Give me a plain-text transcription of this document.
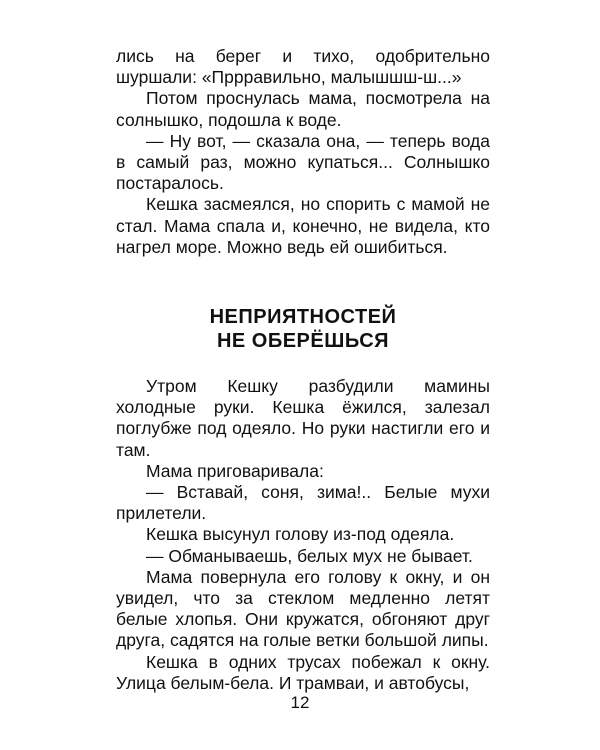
лись на берег и тихо, одобрительно шуршали: «Пррравильно, малышшш-ш...»

Потом проснулась мама, посмотрела на солнышко, подошла к воде.

— Ну вот, — сказала она, — теперь вода в самый раз, можно купаться... Солнышко постаралось.

Кешка засмеялся, но спорить с мамой не стал. Мама спала и, конечно, не видела, кто нагрел море. Можно ведь ей ошибиться.

НЕПРИЯТНОСТЕЙ
НЕ ОБЕРЁШЬСЯ

Утром Кешку разбудили мамины холодные руки. Кешка ёжился, залезал поглубже под одеяло. Но руки настигли его и там.

Мама приговаривала:

— Вставай, соня, зима!.. Белые мухи прилетели.

Кешка высунул голову из-под одеяла.

— Обманываешь, белых мух не бывает.

Мама повернула его голову к окну, и он увидел, что за стеклом медленно летят белые хлопья. Они кружатся, обгоняют друг друга, садятся на голые ветки большой липы.

Кешка в одних трусах побежал к окну. Улица белым-бела. И трамваи, и автобусы,

12
